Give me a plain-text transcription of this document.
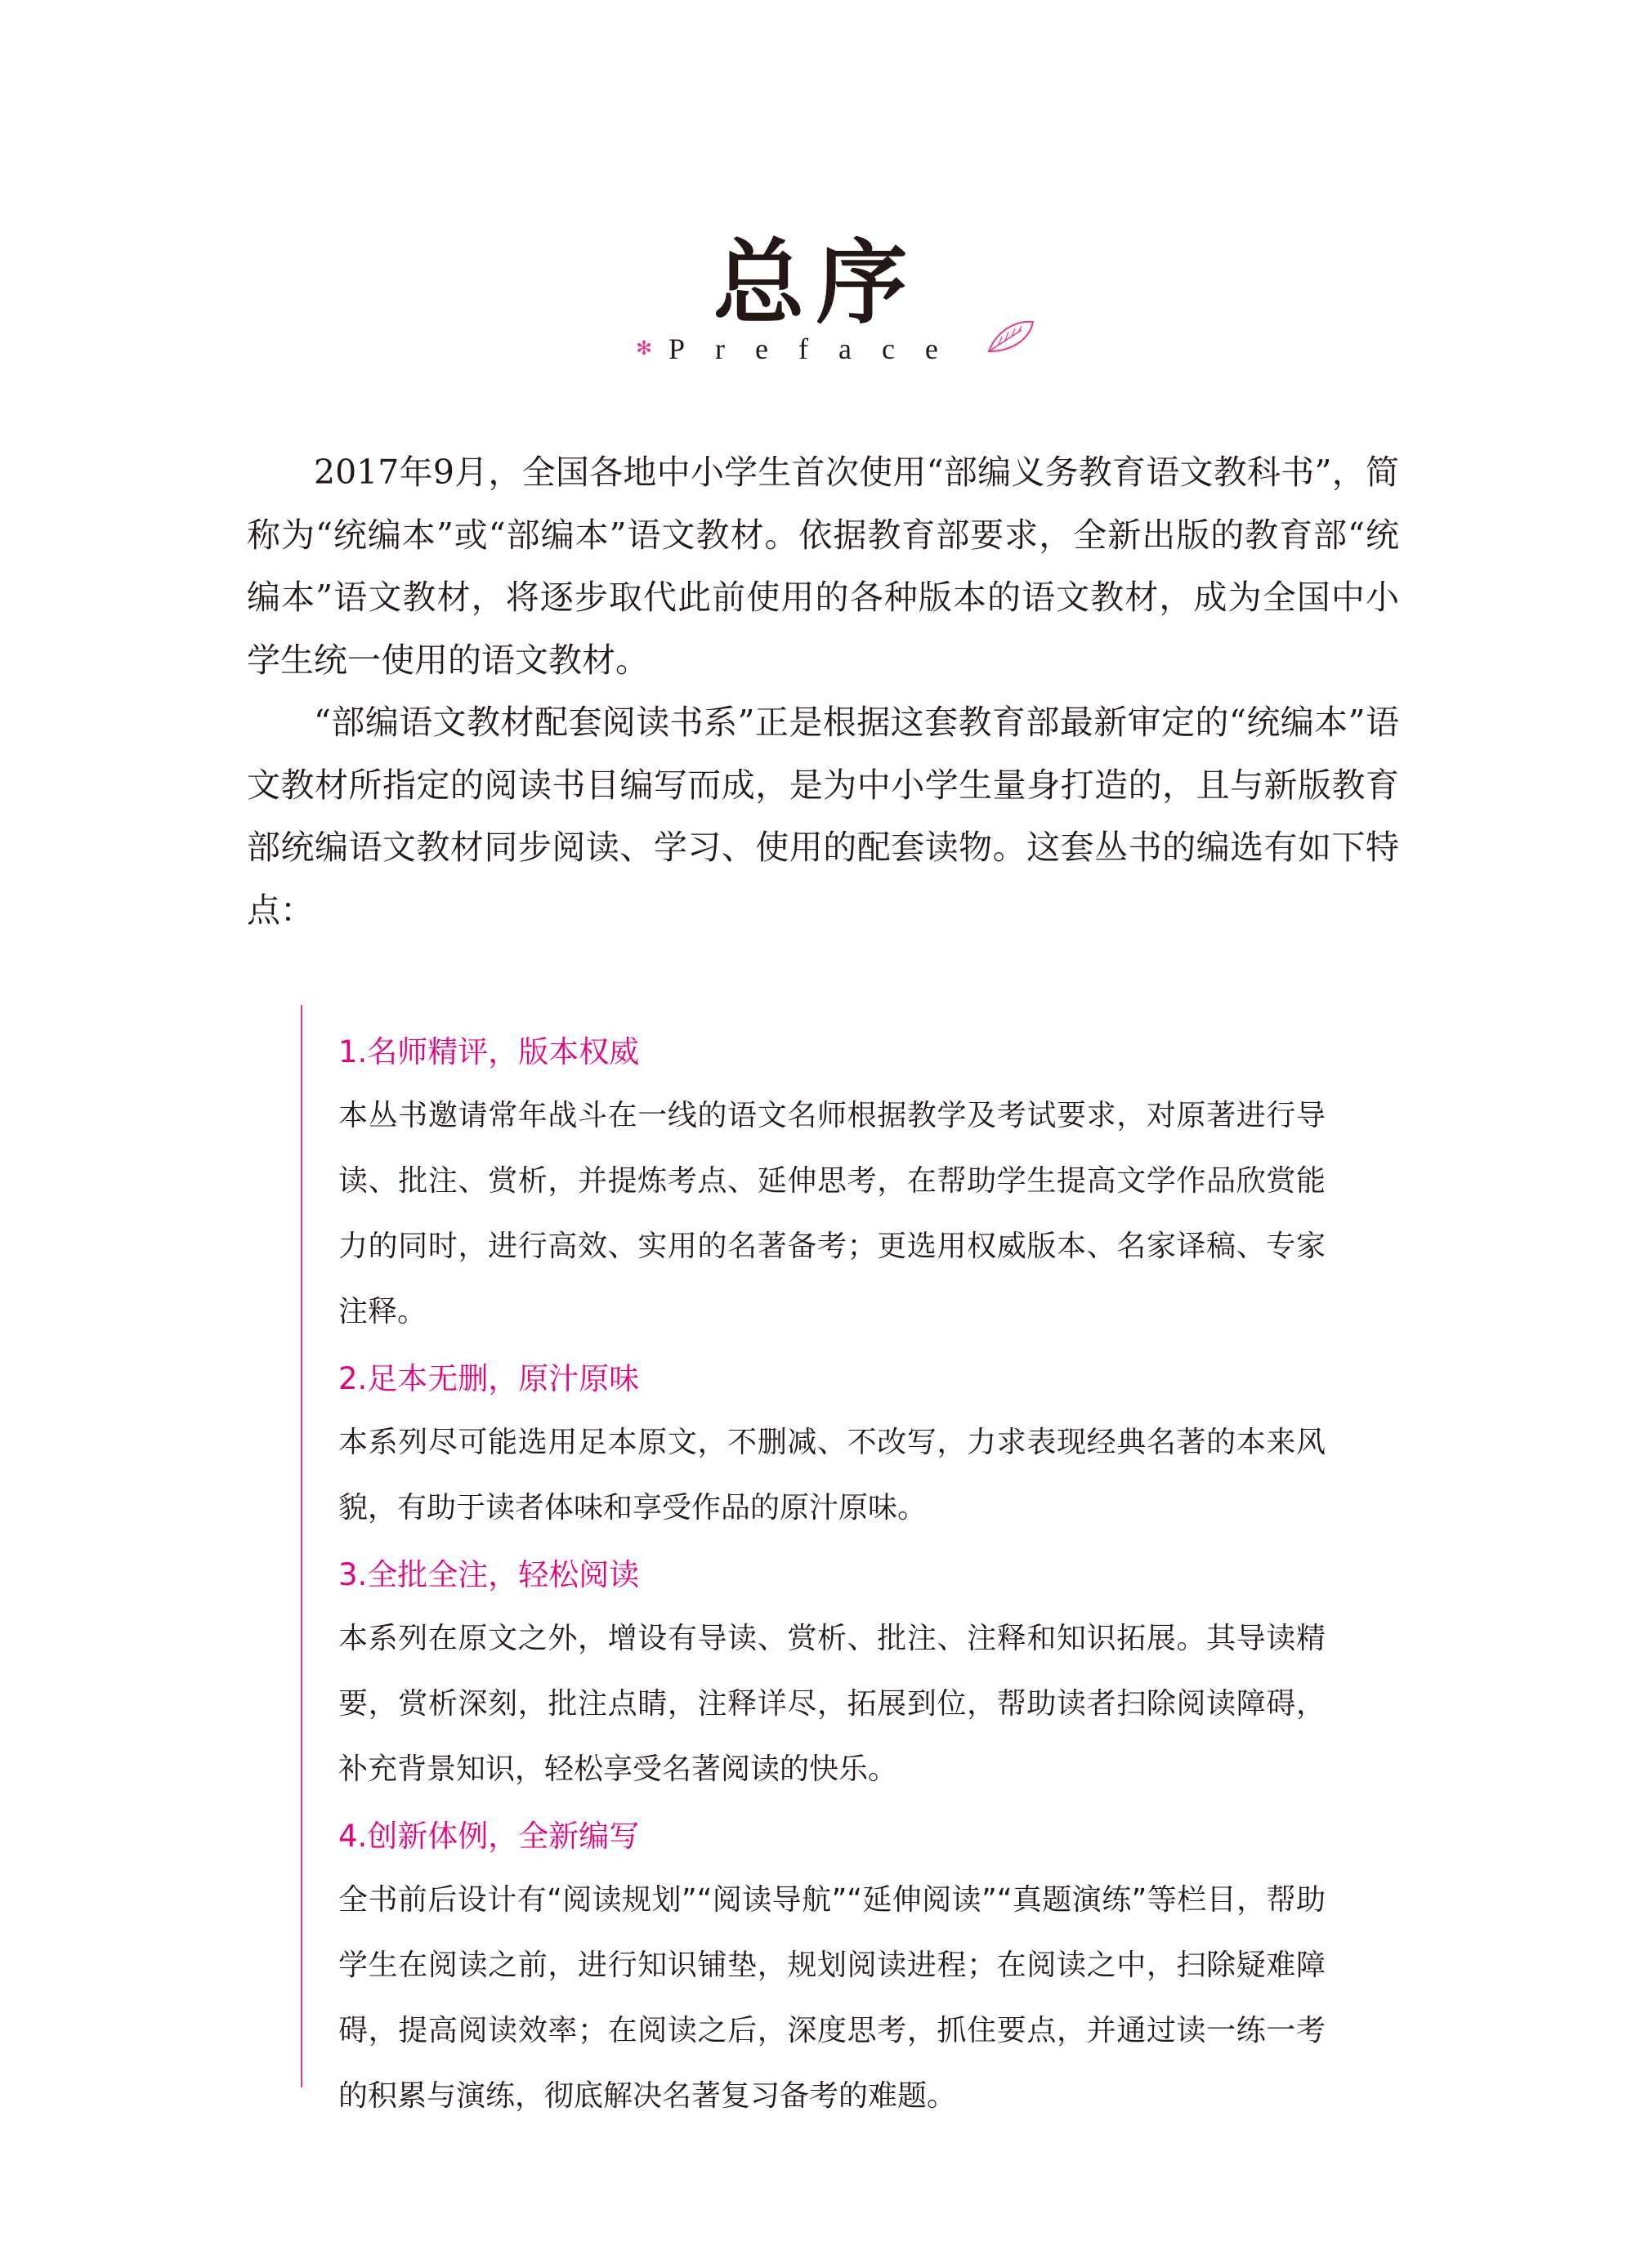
总序
✻ Preface

2017年9月，全国各地中小学生首次使用“部编义务教育语文教科书”，简称为“统编本”或“部编本”语文教材。依据教育部要求，全新出版的教育部“统编本”语文教材，将逐步取代此前使用的各种版本的语文教材，成为全国中小学生统一使用的语文教材。

“部编语文教材配套阅读书系”正是根据这套教育部最新审定的“统编本”语文教材所指定的阅读书目编写而成，是为中小学生量身打造的，且与新版教育部统编语文教材同步阅读、学习、使用的配套读物。这套丛书的编选有如下特点：

1.名师精评，版本权威
本丛书邀请常年战斗在一线的语文名师根据教学及考试要求，对原著进行导读、批注、赏析，并提炼考点、延伸思考，在帮助学生提高文学作品欣赏能力的同时，进行高效、实用的名著备考；更选用权威版本、名家译稿、专家注释。
2.足本无删，原汁原味
本系列尽可能选用足本原文，不删减、不改写，力求表现经典名著的本来风貌，有助于读者体味和享受作品的原汁原味。
3.全批全注，轻松阅读
本系列在原文之外，增设有导读、赏析、批注、注释和知识拓展。其导读精要，赏析深刻，批注点睛，注释详尽，拓展到位，帮助读者扫除阅读障碍，补充背景知识，轻松享受名著阅读的快乐。
4.创新体例，全新编写
全书前后设计有“阅读规划”“阅读导航”“延伸阅读”“真题演练”等栏目，帮助学生在阅读之前，进行知识铺垫，规划阅读进程；在阅读之中，扫除疑难障碍，提高阅读效率；在阅读之后，深度思考，抓住要点，并通过读一练一考的积累与演练，彻底解决名著复习备考的难题。
